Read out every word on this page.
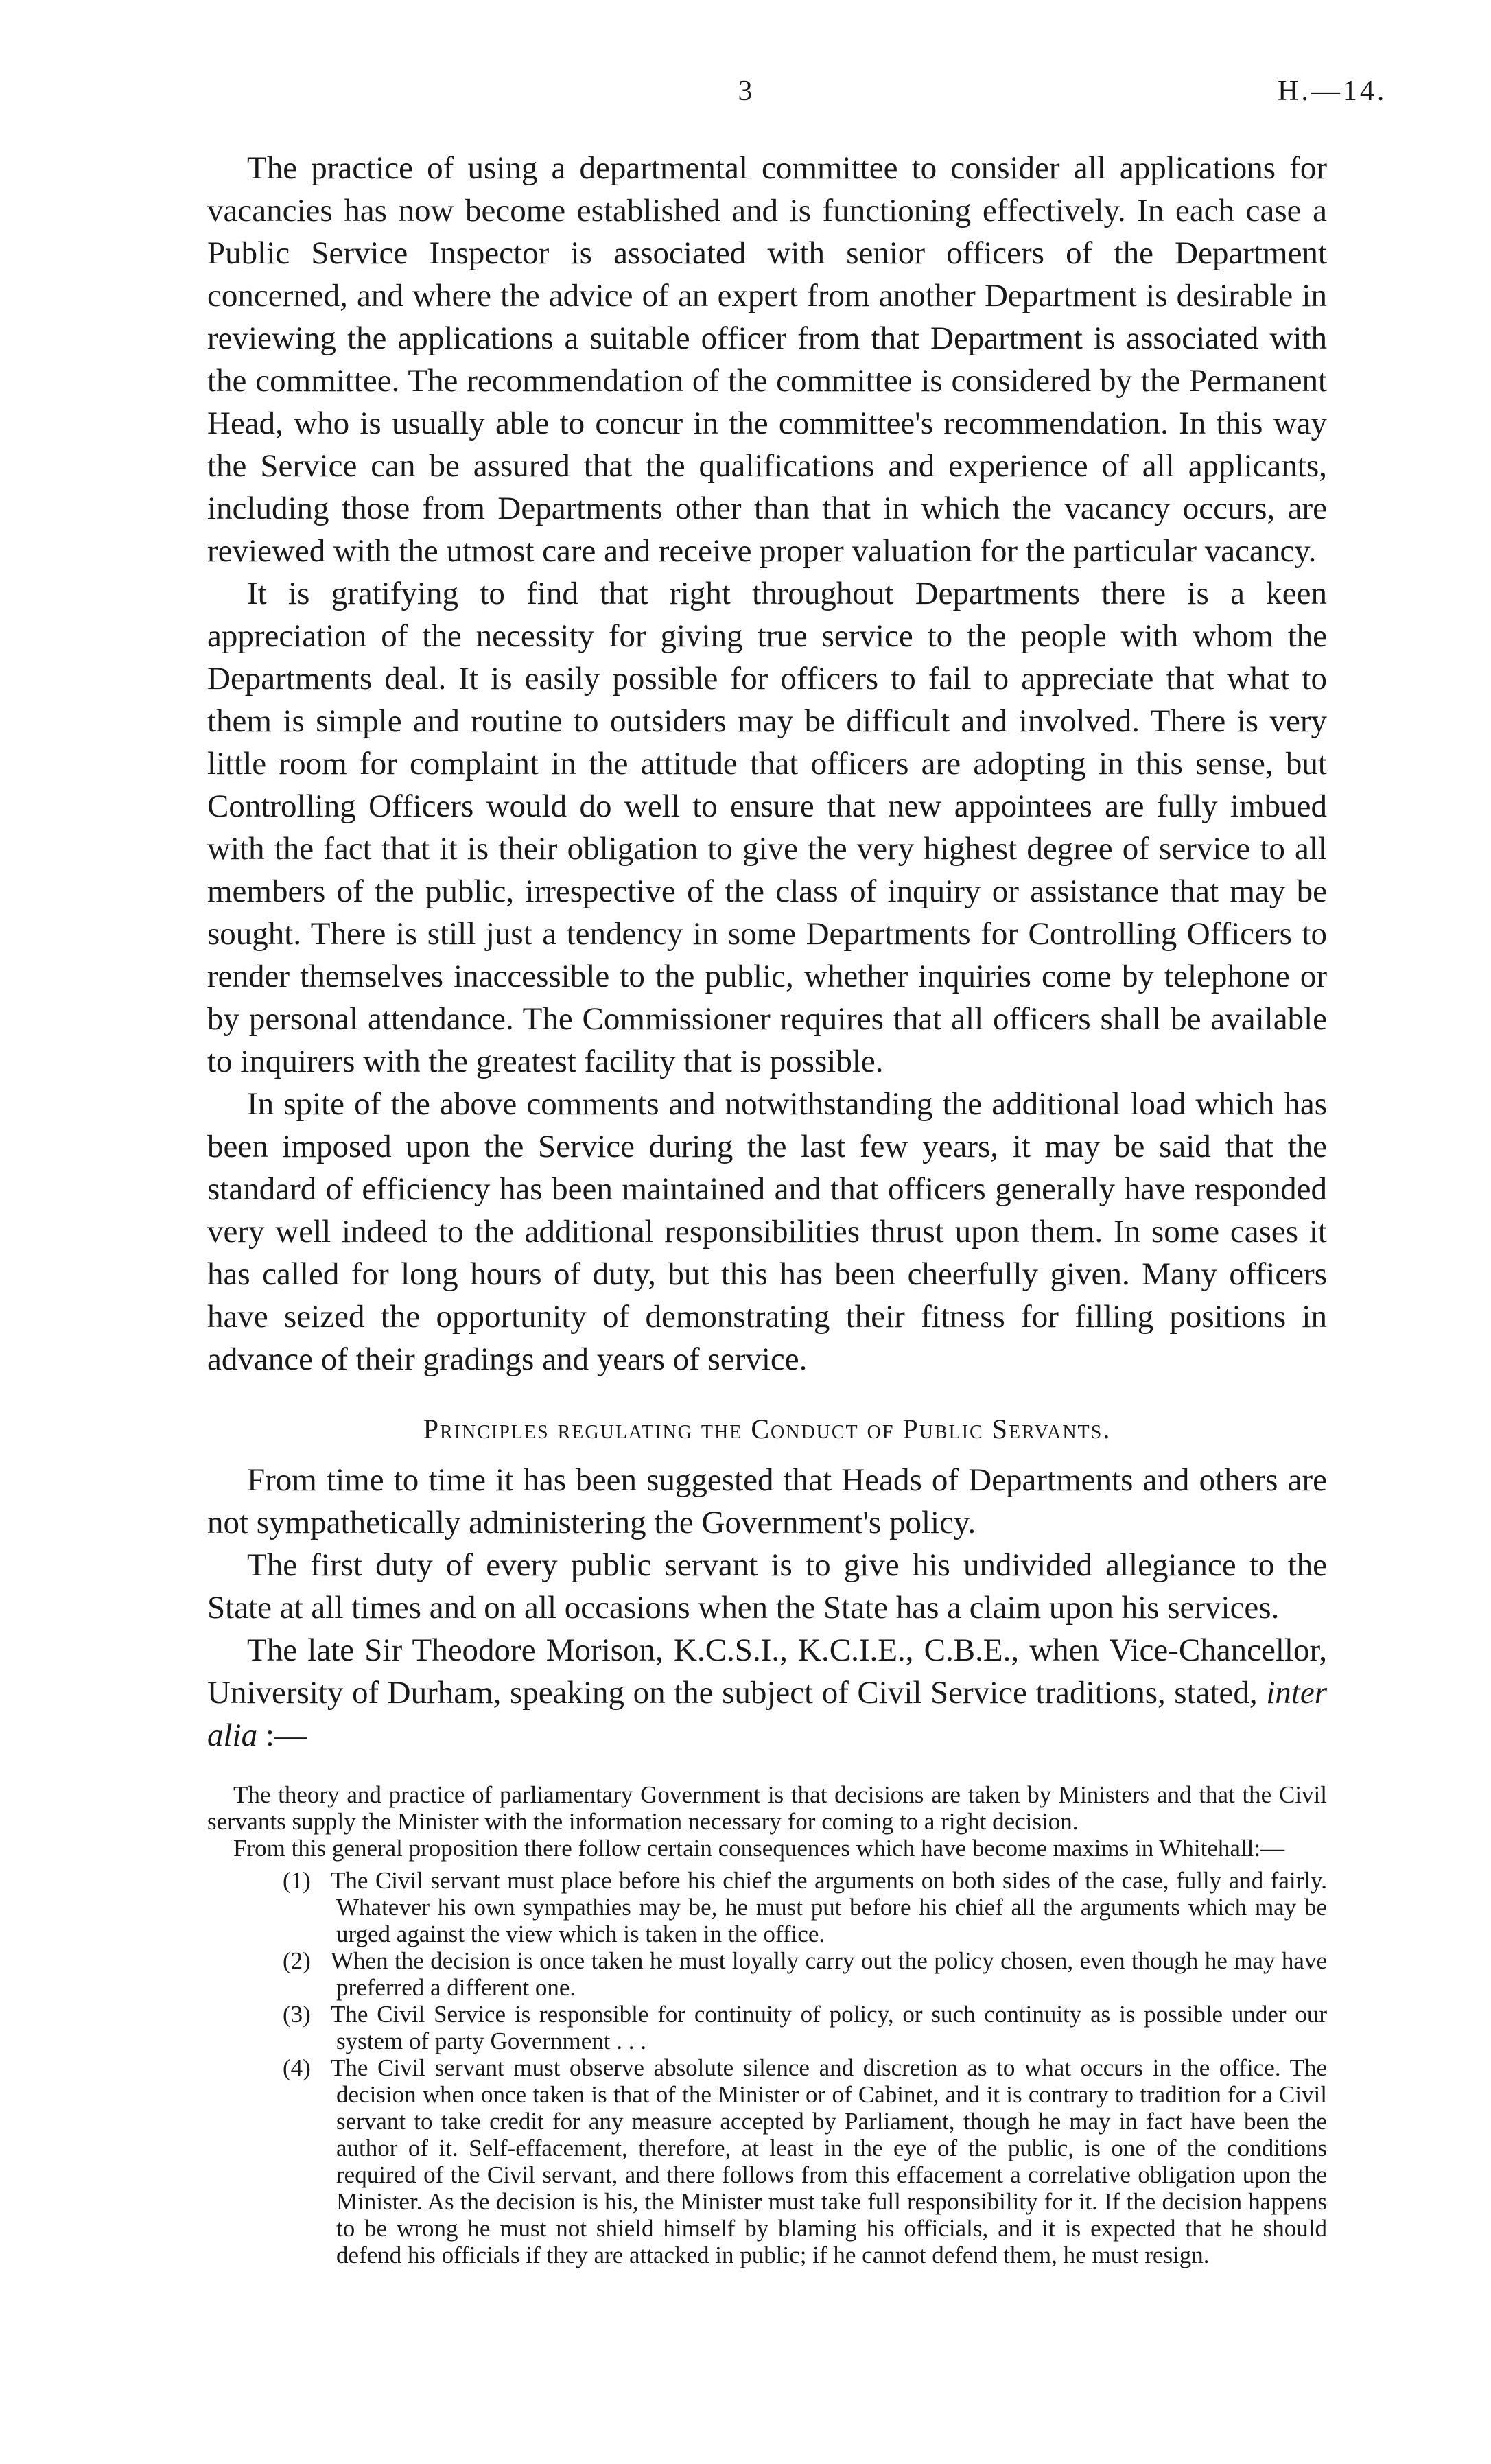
3	H.—14.

The practice of using a departmental committee to consider all applications for vacancies has now become established and is functioning effectively. In each case a Public Service Inspector is associated with senior officers of the Department concerned, and where the advice of an expert from another Department is desirable in reviewing the applications a suitable officer from that Department is associated with the committee. The recommendation of the committee is considered by the Permanent Head, who is usually able to concur in the committee's recommendation. In this way the Service can be assured that the qualifications and experience of all applicants, including those from Departments other than that in which the vacancy occurs, are reviewed with the utmost care and receive proper valuation for the particular vacancy.

It is gratifying to find that right throughout Departments there is a keen appreciation of the necessity for giving true service to the people with whom the Departments deal. It is easily possible for officers to fail to appreciate that what to them is simple and routine to outsiders may be difficult and involved. There is very little room for complaint in the attitude that officers are adopting in this sense, but Controlling Officers would do well to ensure that new appointees are fully imbued with the fact that it is their obligation to give the very highest degree of service to all members of the public, irrespective of the class of inquiry or assistance that may be sought. There is still just a tendency in some Departments for Controlling Officers to render themselves inaccessible to the public, whether inquiries come by telephone or by personal attendance. The Commissioner requires that all officers shall be available to inquirers with the greatest facility that is possible.

In spite of the above comments and notwithstanding the additional load which has been imposed upon the Service during the last few years, it may be said that the standard of efficiency has been maintained and that officers generally have responded very well indeed to the additional responsibilities thrust upon them. In some cases it has called for long hours of duty, but this has been cheerfully given. Many officers have seized the opportunity of demonstrating their fitness for filling positions in advance of their gradings and years of service.

Principles regulating the Conduct of Public Servants.

From time to time it has been suggested that Heads of Departments and others are not sympathetically administering the Government's policy.

The first duty of every public servant is to give his undivided allegiance to the State at all times and on all occasions when the State has a claim upon his services.

The late Sir Theodore Morison, K.C.S.I., K.C.I.E., C.B.E., when Vice-Chancellor, University of Durham, speaking on the subject of Civil Service traditions, stated, inter alia :—

The theory and practice of parliamentary Government is that decisions are taken by Ministers and that the Civil servants supply the Minister with the information necessary for coming to a right decision.

From this general proposition there follow certain consequences which have become maxims in Whitehall:—

(1) The Civil servant must place before his chief the arguments on both sides of the case, fully and fairly. Whatever his own sympathies may be, he must put before his chief all the arguments which may be urged against the view which is taken in the office.
(2) When the decision is once taken he must loyally carry out the policy chosen, even though he may have preferred a different one.
(3) The Civil Service is responsible for continuity of policy, or such continuity as is possible under our system of party Government . . .
(4) The Civil servant must observe absolute silence and discretion as to what occurs in the office. The decision when once taken is that of the Minister or of Cabinet, and it is contrary to tradition for a Civil servant to take credit for any measure accepted by Parliament, though he may in fact have been the author of it. Self-effacement, therefore, at least in the eye of the public, is one of the conditions required of the Civil servant, and there follows from this effacement a correlative obligation upon the Minister. As the decision is his, the Minister must take full responsibility for it. If the decision happens to be wrong he must not shield himself by blaming his officials, and it is expected that he should defend his officials if they are attacked in public; if he cannot defend them, he must resign.
